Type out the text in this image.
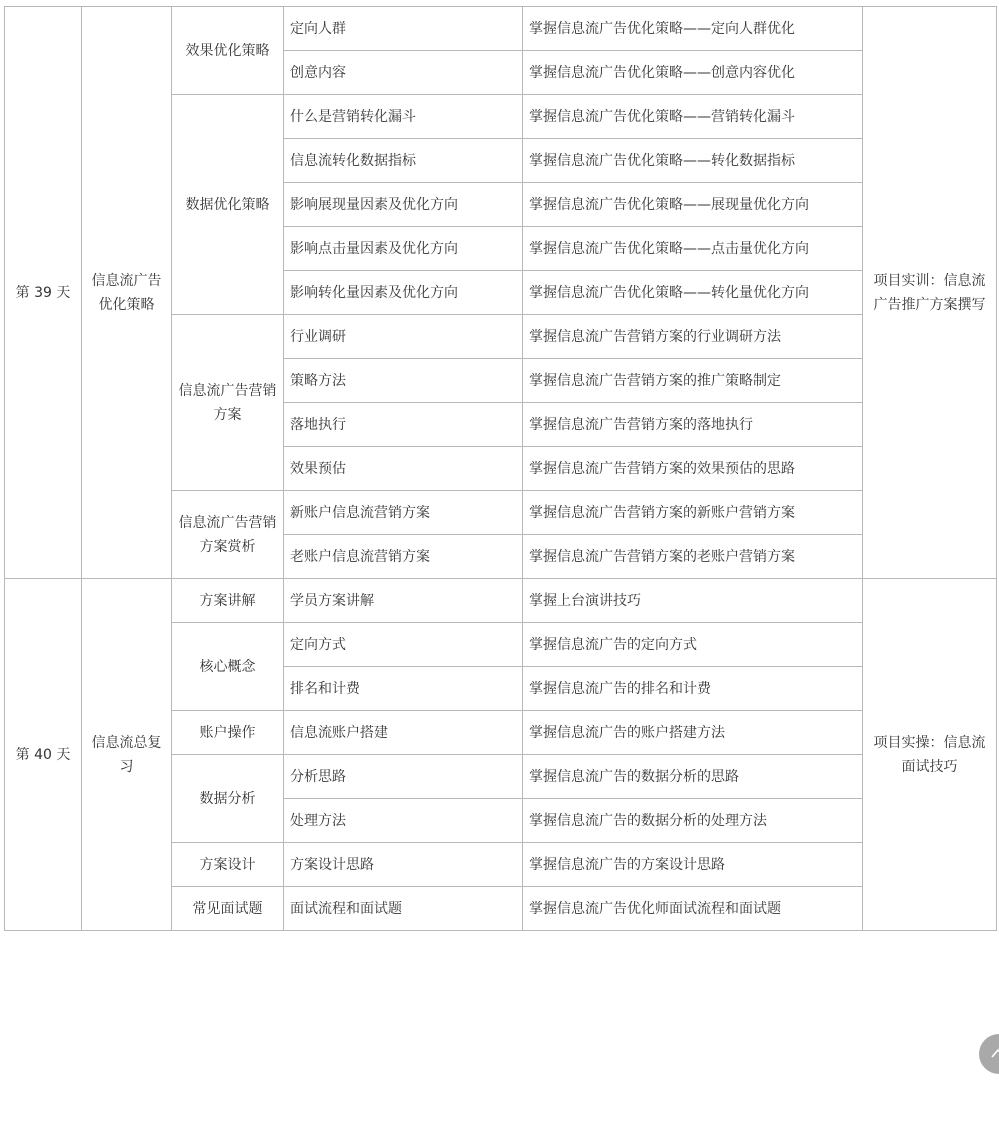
第 39 天	信息流广告优化策略	效果优化策略	定向人群	掌握信息流广告优化策略——定向人群优化	项目实训：信息流广告推广方案撰写
			创意内容	掌握信息流广告优化策略——创意内容优化	
		数据优化策略	什么是营销转化漏斗	掌握信息流广告优化策略——营销转化漏斗	
			信息流转化数据指标	掌握信息流广告优化策略——转化数据指标	
			影响展现量因素及优化方向	掌握信息流广告优化策略——展现量优化方向	
			影响点击量因素及优化方向	掌握信息流广告优化策略——点击量优化方向	
			影响转化量因素及优化方向	掌握信息流广告优化策略——转化量优化方向	
		信息流广告营销方案	行业调研	掌握信息流广告营销方案的行业调研方法	
			策略方法	掌握信息流广告营销方案的推广策略制定	
			落地执行	掌握信息流广告营销方案的落地执行	
			效果预估	掌握信息流广告营销方案的效果预估的思路	
		信息流广告营销方案赏析	新账户信息流营销方案	掌握信息流广告营销方案的新账户营销方案	
			老账户信息流营销方案	掌握信息流广告营销方案的老账户营销方案	
第 40 天	信息流总复习	方案讲解	学员方案讲解	掌握上台演讲技巧	项目实操：信息流面试技巧
		核心概念	定向方式	掌握信息流广告的定向方式	
			排名和计费	掌握信息流广告的排名和计费	
		账户操作	信息流账户搭建	掌握信息流广告的账户搭建方法	
		数据分析	分析思路	掌握信息流广告的数据分析的思路	
			处理方法	掌握信息流广告的数据分析的处理方法	
		方案设计	方案设计思路	掌握信息流广告的方案设计思路	
		常见面试题	面试流程和面试题	掌握信息流广告优化师面试流程和面试题	
